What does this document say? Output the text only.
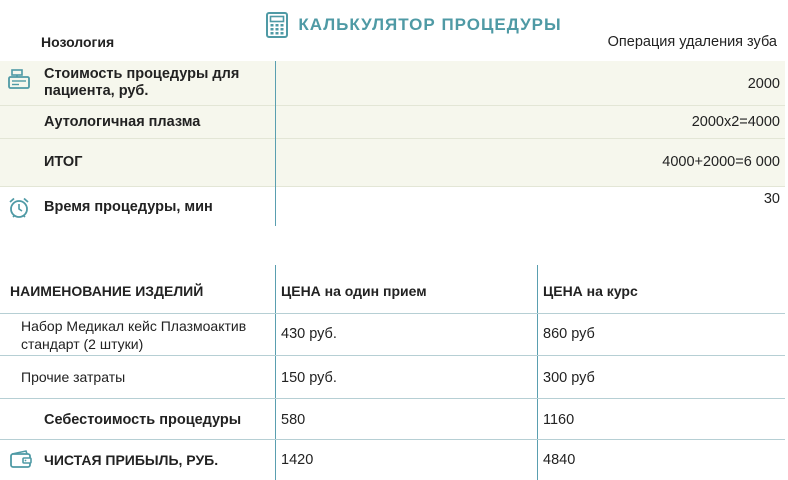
КАЛЬКУЛЯТОР ПРОЦЕДУРЫ
Нозология	Операция удаления зуба
Стоимость процедуры для
пациента, руб.	2000
Аутологичная плазма	2000x2=4000
ИТОГ	4000+2000=6 000
Время процедуры, мин	30
НАИМЕНОВАНИЕ ИЗДЕЛИЙ	ЦЕНА на один прием	ЦЕНА на курс
Набор Медикал кейс Плазмоактив
стандарт (2 штуки)
430 руб.	860 руб
Прочие затраты	150 руб.	300 руб
Себестоимость процедуры	580	1160
ЧИСТАЯ ПРИБЫЛЬ, РУБ.	1420	4840
